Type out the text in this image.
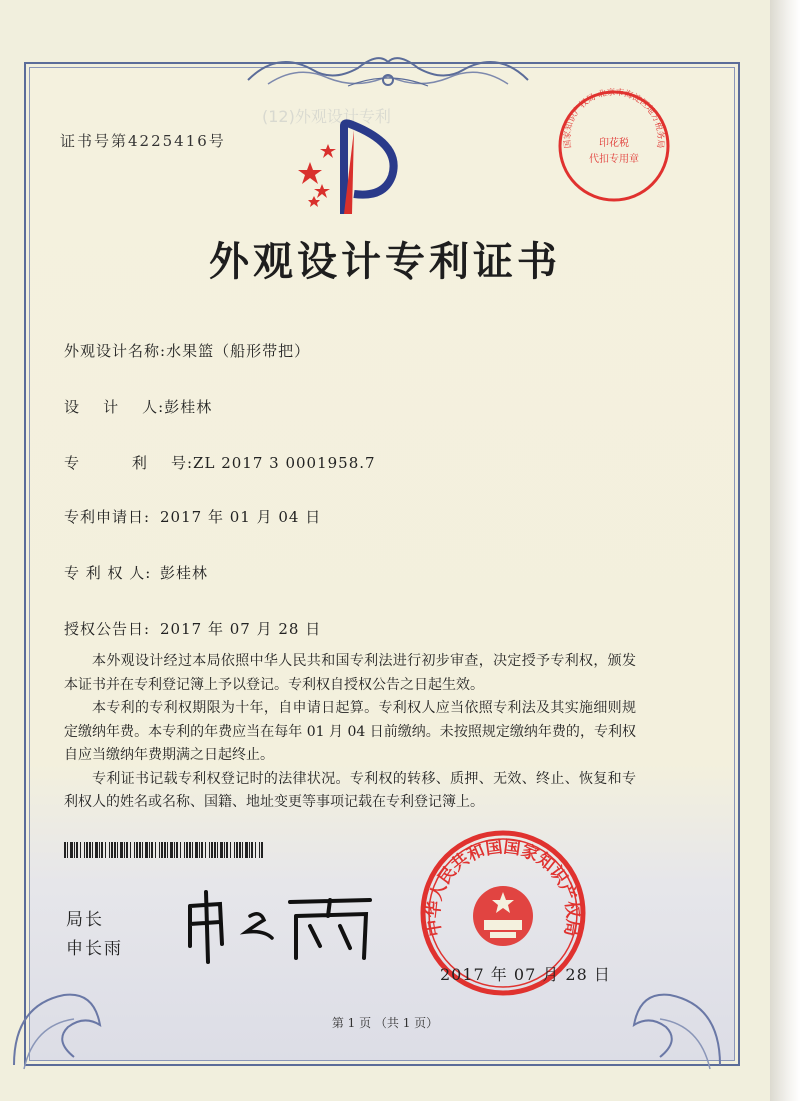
(12)外观设计专利
证书号第4225416号
外观设计专利证书
外观设计名称:水果篮（船形带把）
设    计    人:彭桂林
专         利    号:ZL 2017 3 0001958.7
专利申请日: 2017 年 01 月 04 日
专 利 权 人: 彭桂林
授权公告日: 2017 年 07 月 28 日

本外观设计经过本局依照中华人民共和国专利法进行初步审查，决定授予专利权，颁发本证书并在专利登记簿上予以登记。专利权自授权公告之日起生效。

本专利的专利权期限为十年，自申请日起算。专利权人应当依照专利法及其实施细则规定缴纳年费。本专利的年费应当在每年 01 月 04 日前缴纳。未按照规定缴纳年费的，专利权自应当缴纳年费期满之日起终止。

专利证书记载专利权登记时的法律状况。专利权的转移、质押、无效、终止、恢复和专利权人的姓名或名称、国籍、地址变更等事项记载在专利登记簿上。

局长
申长雨
中华人民共和国国家知识产权局
2017 年 07 月 28 日
国家知识产权局 北京市海淀区地方税务局
印花税
代扣专用章
第 1 页 （共 1 页）
